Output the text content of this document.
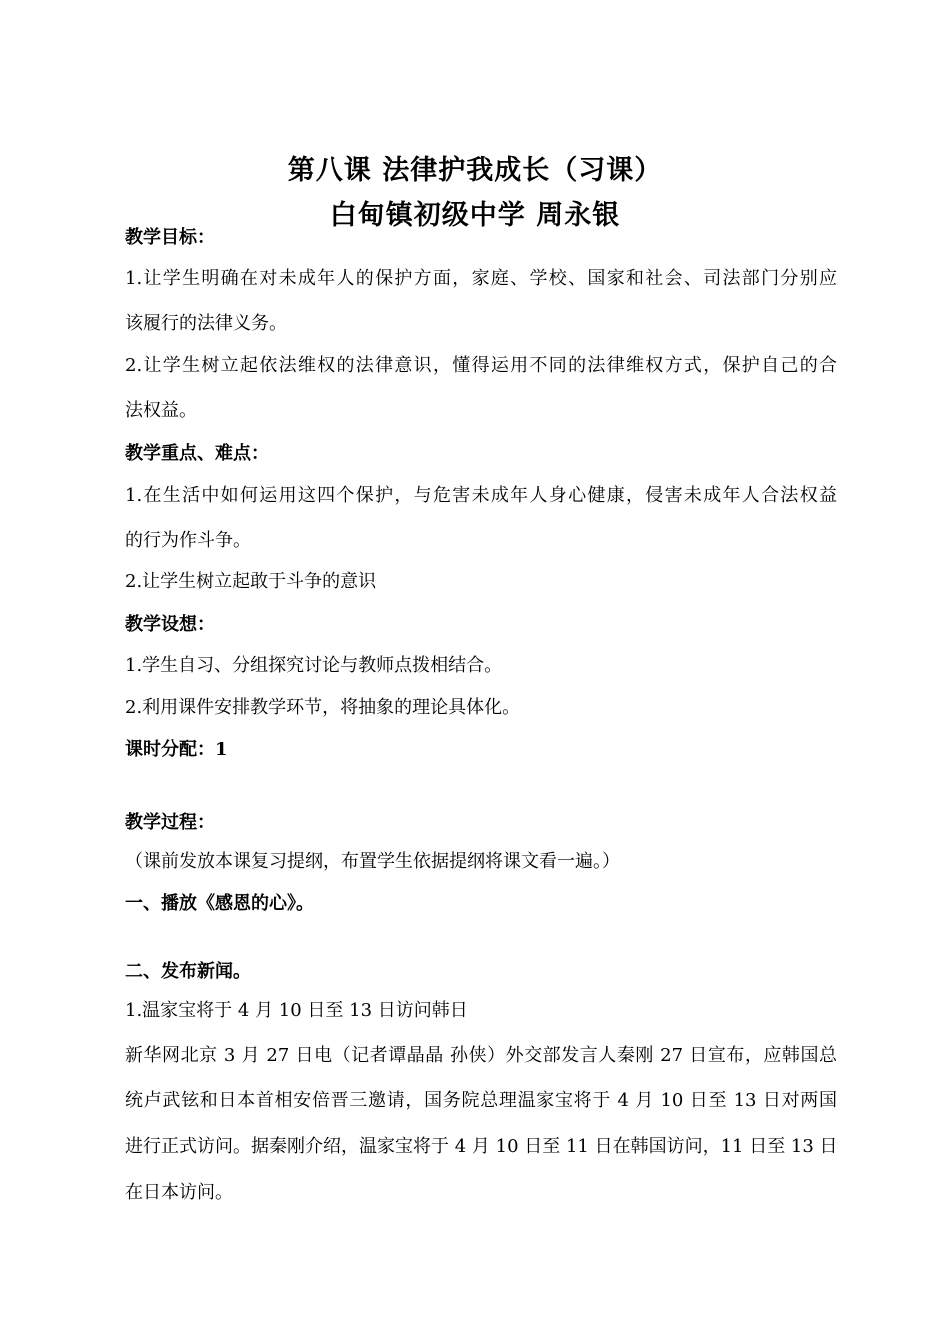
第八课 法律护我成长（习课）
白甸镇初级中学 周永银
教学目标：
1.让学生明确在对未成年人的保护方面，家庭、学校、国家和社会、司法部门分别应
该履行的法律义务。
2.让学生树立起依法维权的法律意识，懂得运用不同的法律维权方式，保护自己的合
法权益。
教学重点、难点：
1.在生活中如何运用这四个保护，与危害未成年人身心健康，侵害未成年人合法权益
的行为作斗争。
2.让学生树立起敢于斗争的意识
教学设想：
1.学生自习、分组探究讨论与教师点拨相结合。
2.利用课件安排教学环节，将抽象的理论具体化。
课时分配：1
教学过程：
（课前发放本课复习提纲，布置学生依据提纲将课文看一遍。）
一、播放《感恩的心》。
二、发布新闻。
1.温家宝将于 4 月 10 日至 13 日访问韩日
新华网北京 3 月 27 日电（记者谭晶晶 孙侠）外交部发言人秦刚 27 日宣布，应韩国总
统卢武铉和日本首相安倍晋三邀请，国务院总理温家宝将于 4 月 10 日至 13 日对两国
进行正式访问。据秦刚介绍，温家宝将于 4 月 10 日至 11 日在韩国访问，11 日至 13 日
在日本访问。
